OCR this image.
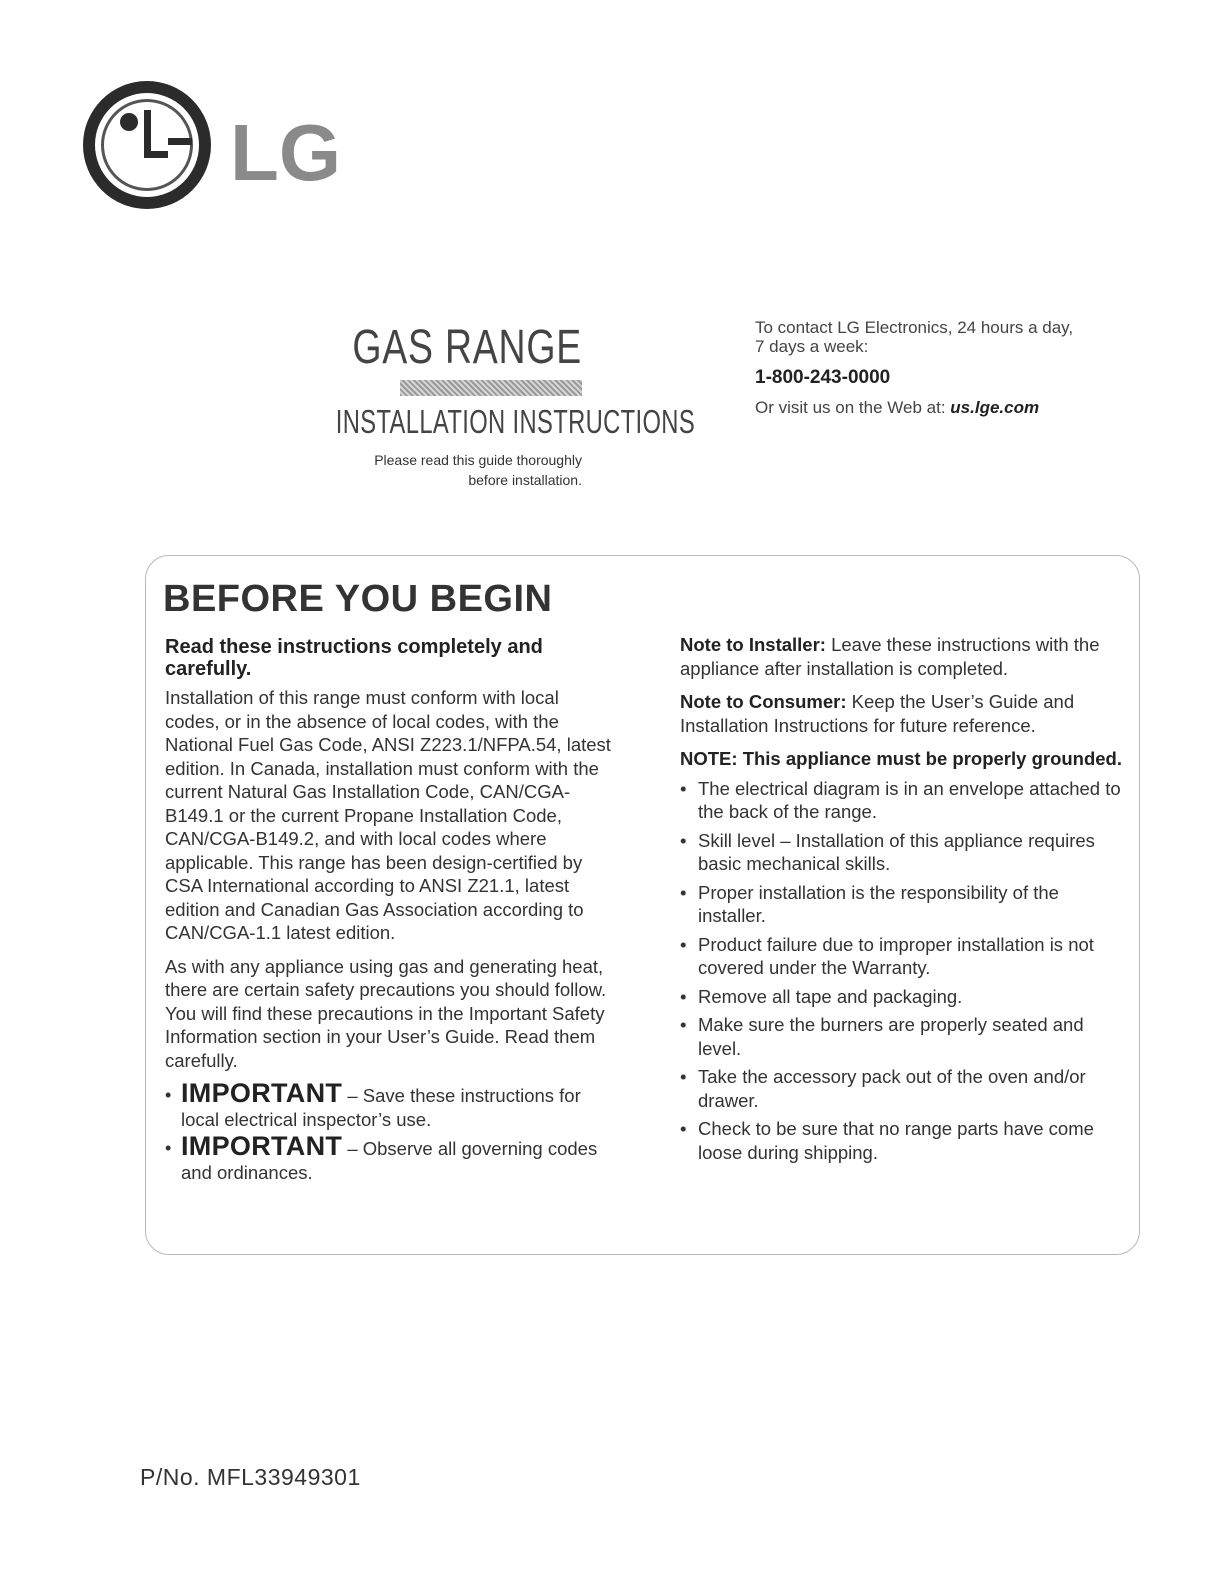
LG
GAS RANGE
INSTALLATION INSTRUCTIONS
Please read this guide thoroughly
before installation.
To contact LG Electronics, 24 hours a day,
7 days a week:
1-800-243-0000
Or visit us on the Web at: us.lge.com
BEFORE YOU BEGIN
Read these instructions completely and carefully.
Installation of this range must conform with local codes, or in the absence of local codes, with the National Fuel Gas Code, ANSI Z223.1/NFPA.54, latest edition. In Canada, installation must conform with the current Natural Gas Installation Code, CAN/CGA-B149.1 or the current Propane Installation Code, CAN/CGA-B149.2, and with local codes where applicable. This range has been design-certified by CSA International according to ANSI Z21.1, latest edition and Canadian Gas Association according to CAN/CGA-1.1 latest edition.
As with any appliance using gas and generating heat, there are certain safety precautions you should follow. You will find these precautions in the Important Safety Information section in your User’s Guide. Read them carefully.
• IMPORTANT – Save these instructions for local electrical inspector’s use.
• IMPORTANT – Observe all governing codes and ordinances.
Note to Installer: Leave these instructions with the appliance after installation is completed.
Note to Consumer: Keep the User’s Guide and Installation Instructions for future reference.
NOTE: This appliance must be properly grounded.
• The electrical diagram is in an envelope attached to the back of the range.
• Skill level – Installation of this appliance requires basic mechanical skills.
• Proper installation is the responsibility of the installer.
• Product failure due to improper installation is not covered under the Warranty.
• Remove all tape and packaging.
• Make sure the burners are properly seated and level.
• Take the accessory pack out of the oven and/or drawer.
• Check to be sure that no range parts have come loose during shipping.
P/No. MFL33949301
